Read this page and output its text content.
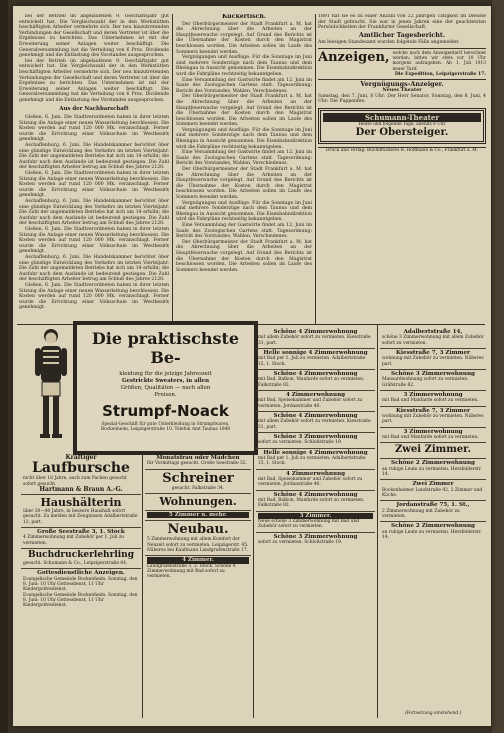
bei der Betrieb im abgelaufenen 9. Geschäftsjahr gut entwickelt hat. Die Vergleichszahl der in den Werkstätten beschäftigten Arbeiter vermehrte sich. Der neu hinzutretenden Verbindungen der Gesellschaft und deren Vertreter ist über die Ergebnisse zu berichten. Das Unternehmen ist mit der Erweiterung seiner Anlagen weiter beschäftigt. Die Generalversammlung hat die Verteilung von 6 Proz. Dividende genehmigt und die Entlastung des Vorstandes ausgesprochen.

bei der Betrieb im abgelaufenen 9. Geschäftsjahr gut entwickelt hat. Die Vergleichszahl der in den Werkstätten beschäftigten Arbeiter vermehrte sich. Der neu hinzutretenden Verbindungen der Gesellschaft und deren Vertreter ist über die Ergebnisse zu berichten. Das Unternehmen ist mit der Erweiterung seiner Anlagen weiter beschäftigt. Die Generalversammlung hat die Verteilung von 6 Proz. Dividende genehmigt und die Entlastung des Vorstandes ausgesprochen.

Aus der Nachbarschaft

Gießen, 6. Juni. Die Stadtverordneten haben in ihrer letzten Sitzung die Anlage einer neuen Wasserleitung beschlossen. Die Kosten werden auf rund 120 000 Mk. veranschlagt. Ferner wurde die Errichtung einer Volksschule im Westbezirk genehmigt.

Aschaffenburg, 6. Juni. Die Handelskammer berichtet über eine günstige Entwicklung des Verkehrs im letzten Vierteljahr. Die Zahl der angemeldeten Betriebe hat sich um 14 erhöht; die Ausfuhr nach dem Auslande ist bedeutend gestiegen. Die Zahl der beschäftigten Arbeiter betrug am Schluß des Jahres 2120.

Gießen, 6. Juni. Die Stadtverordneten haben in ihrer letzten Sitzung die Anlage einer neuen Wasserleitung beschlossen. Die Kosten werden auf rund 120 000 Mk. veranschlagt. Ferner wurde die Errichtung einer Volksschule im Westbezirk genehmigt.

Aschaffenburg, 6. Juni. Die Handelskammer berichtet über eine günstige Entwicklung des Verkehrs im letzten Vierteljahr. Die Zahl der angemeldeten Betriebe hat sich um 14 erhöht; die Ausfuhr nach dem Auslande ist bedeutend gestiegen. Die Zahl der beschäftigten Arbeiter betrug am Schluß des Jahres 2120.

Gießen, 6. Juni. Die Stadtverordneten haben in ihrer letzten Sitzung die Anlage einer neuen Wasserleitung beschlossen. Die Kosten werden auf rund 120 000 Mk. veranschlagt. Ferner wurde die Errichtung einer Volksschule im Westbezirk genehmigt.

Aschaffenburg, 6. Juni. Die Handelskammer berichtet über eine günstige Entwicklung des Verkehrs im letzten Vierteljahr. Die Zahl der angemeldeten Betriebe hat sich um 14 erhöht; die Ausfuhr nach dem Auslande ist bedeutend gestiegen. Die Zahl der beschäftigten Arbeiter betrug am Schluß des Jahres 2120.

Gießen, 6. Juni. Die Stadtverordneten haben in ihrer letzten Sitzung die Anlage einer neuen Wasserleitung beschlossen. Die Kosten werden auf rund 120 000 Mk. veranschlagt. Ferner wurde die Errichtung einer Volksschule im Westbezirk genehmigt.

Kückertisch.

Der Oberbürgermeister der Stadt Frankfurt a. M. hat die Abrechnung über die Arbeiten an der Hauptfeuerwache vorgelegt. Auf Grund des Berichts ist die Übernahme der Kosten durch den Magistrat beschlossen worden. Die Arbeiten sollen im Laufe des Sommers beendet werden.

Vergnügungen und Ausflüge. Für die Sonntage im Juni sind mehrere Sonderzüge nach dem Taunus und dem Rheingau in Aussicht genommen. Die Eisenbahndirektion wird die Fahrpläne rechtzeitig bekanntgeben.

Eine Versammlung der Gastwirte findet am 12. Juni im Saale des Zoologischen Gartens statt. Tagesordnung: Bericht des Vorstandes, Wahlen, Verschiedenes.

Der Oberbürgermeister der Stadt Frankfurt a. M. hat die Abrechnung über die Arbeiten an der Hauptfeuerwache vorgelegt. Auf Grund des Berichts ist die Übernahme der Kosten durch den Magistrat beschlossen worden. Die Arbeiten sollen im Laufe des Sommers beendet werden.

Vergnügungen und Ausflüge. Für die Sonntage im Juni sind mehrere Sonderzüge nach dem Taunus und dem Rheingau in Aussicht genommen. Die Eisenbahndirektion wird die Fahrpläne rechtzeitig bekanntgeben.

Eine Versammlung der Gastwirte findet am 12. Juni im Saale des Zoologischen Gartens statt. Tagesordnung: Bericht des Vorstandes, Wahlen, Verschiedenes.

Der Oberbürgermeister der Stadt Frankfurt a. M. hat die Abrechnung über die Arbeiten an der Hauptfeuerwache vorgelegt. Auf Grund des Berichts ist die Übernahme der Kosten durch den Magistrat beschlossen worden. Die Arbeiten sollen im Laufe des Sommers beendet werden.

Vergnügungen und Ausflüge. Für die Sonntage im Juni sind mehrere Sonderzüge nach dem Taunus und dem Rheingau in Aussicht genommen. Die Eisenbahndirektion wird die Fahrpläne rechtzeitig bekanntgeben.

Eine Versammlung der Gastwirte findet am 12. Juni im Saale des Zoologischen Gartens statt. Tagesordnung: Bericht des Vorstandes, Wahlen, Verschiedenes.

Der Oberbürgermeister der Stadt Frankfurt a. M. hat die Abrechnung über die Arbeiten an der Hauptfeuerwache vorgelegt. Auf Grund des Berichts ist die Übernahme der Kosten durch den Magistrat beschlossen worden. Die Arbeiten sollen im Laufe des Sommers beendet werden.

1891 hat sie es zu einer Anzahl von 22 jährigen Tätigkeit im Dienste der Stadt gebracht. Sie war in jenen Jahren eine der geachtetsten Persönlichkeiten der Frankfurter Gesellschaft.

Amtlicher Tagesbericht.

Am hiesigen Standesamt wurden folgende Fälle angemeldet.

Anzeigen, welche nach dem Anzeigentarif berechnet werden, bitten wir stets vor 10 Uhr morgens aufzugeben. Ab 1. Juli 1913 neuer Tarif.
Die Expedition, Leipzigerstraße 17.
Vergnügungs-Anzeiger.
Neues Theater

Samstag, den 7. Juni, 8 Uhr: Der Herr Senator. Sonntag, den 8. Juni, 4 Uhr: Die Puppenfee.

Schumann-Theater
Heute und folgende Tage, abends 8 Uhr
Der Obersteiger.
Druck und Verlag: Buchdruckerei R. Hoffmann & Co., Frankfurt a. M.
Die praktischste Be-
kleidung für die jetzige Jahreszeit
Gestrickte Sweaters, in allen
Größen, Qualitäten — nach allen
Preisen.
Strumpf-Noack
Spezial-Geschäft für gute Unterkleidung in Strumpfwaren,
Bockenheim, Leipzigerstraße 10, Telefon Amt Taunus 1848
Kräftiger
Laufbursche
nicht über 16 Jahre, auch zum Packen gesucht sofort gesucht.
Hartmann & Braun A.-G.
Haushälterin
über 30—40 Jahre, in bessere Haushalt sofort gesucht. Zu melden mit Zeugnissen Adalbertstraße 12, part.
Große Seestraße 3, 1. Stock
4 Zimmerwohnung mit Zubehör per 1. Juli zu vermieten.
Buchdruckerlehrling
gesucht. Schumann & Co., Leipzigerstraße 64.
Gottesdienstliche Anzeigen.
Evangelische Gemeinde Bockenheim. Sonntag, den 8. Juni: 10 Uhr Gottesdienst, 11 Uhr Kindergottesdienst.
Evangelische Gemeinde Bockenheim. Sonntag, den 8. Juni: 10 Uhr Gottesdienst, 11 Uhr Kindergottesdienst.
Monatsfrau oder Mädchen
für Vormittags gesucht. Große Seestraße 32.
Schreiner
gesucht. Falkstraße 34.
Wohnungen.
5 Zimmer u. mehr.
Neubau.
5 Zimmerwohnung mit allem Komfort der Neuzeit sofort zu vermieten. Leipzigerstr. 45. Näheres bei Kaufmann Landgrafenstraße 17.
4 Zimmer.
Landgrafenstraße 3, 2. Stock. Schöne 4 Zimmerwohnung mit Bad sofort zu vermieten.
Schöne 4 Zimmerwohnung
mit allem Zubehör sofort zu vermieten. Kiesstraße 31, part.
Helle sonnige 4 Zimmerwohnung
mit Bad per 1. Juli zu vermieten. Adalbertstraße 15, 1. Stock.
Schöne 4 Zimmerwohnung
mit Bad, Balkon, Manfarde sofort zu vermieten. Falkstraße 82.
4 Zimmerwohnung
mit Bad, Speisekammer und Zubehör sofort zu vermieten. Jordanstraße 40.
Schöne 4 Zimmerwohnung
mit allem Zubehör sofort zu vermieten. Kiesstraße 31, part.
Schöne 3 Zimmerwohnung
sofort zu vermieten. Schloßstraße 19.
Helle sonnige 4 Zimmerwohnung
mit Bad per 1. Juli zu vermieten. Adalbertstraße 15, 1. Stock.
4 Zimmerwohnung
mit Bad, Speisekammer und Zubehör sofort zu vermieten. Jordanstraße 40.
Schöne 4 Zimmerwohnung
mit Bad, Balkon, Manfarde sofort zu vermieten. Falkstraße 82.
3 Zimmer.
Neue schöne 3 Zimmerwohnung mit Bad und Zubehör sofort zu vermieten.
Schöne 3 Zimmerwohnung
sofort zu vermieten. Schloßstraße 19.
Adalbertstraße 14,
schöne 3 Zimmerwohnung mit allem Zubehör sofort zu vermieten.
Kiesstraße 7, 3 Zimmer
wohnung mit Zubehör zu vermieten. Näheres part.
Schöne 3 Zimmerwohnung
Mansardwohnung sofort zu vermieten. Gräfstraße 82.
3 Zimmerwohnung
mit Bad und Manfarde sofort zu vermieten.
Kiesstraße 7, 3 Zimmer
wohnung mit Zubehör zu vermieten. Näheres part.
3 Zimmerwohnung
mit Bad und Manfarde sofort zu vermieten.
Zwei Zimmer.
Schöne 2 Zimmerwohnung
an ruhige Leute zu vermieten. Hersfelderstr. 14.
Zwei Zimmer
Bockenheimer Landstraße 92, 2 Zimmer und Küche.
Jordanstraße 75, 1. St.,
2 Zimmerwohnung mit Zubehör zu vermieten.
Schöne 2 Zimmerwohnung
an ruhige Leute zu vermieten. Hersfelderstr. 14.
(Fortsetzung umstehend.)
